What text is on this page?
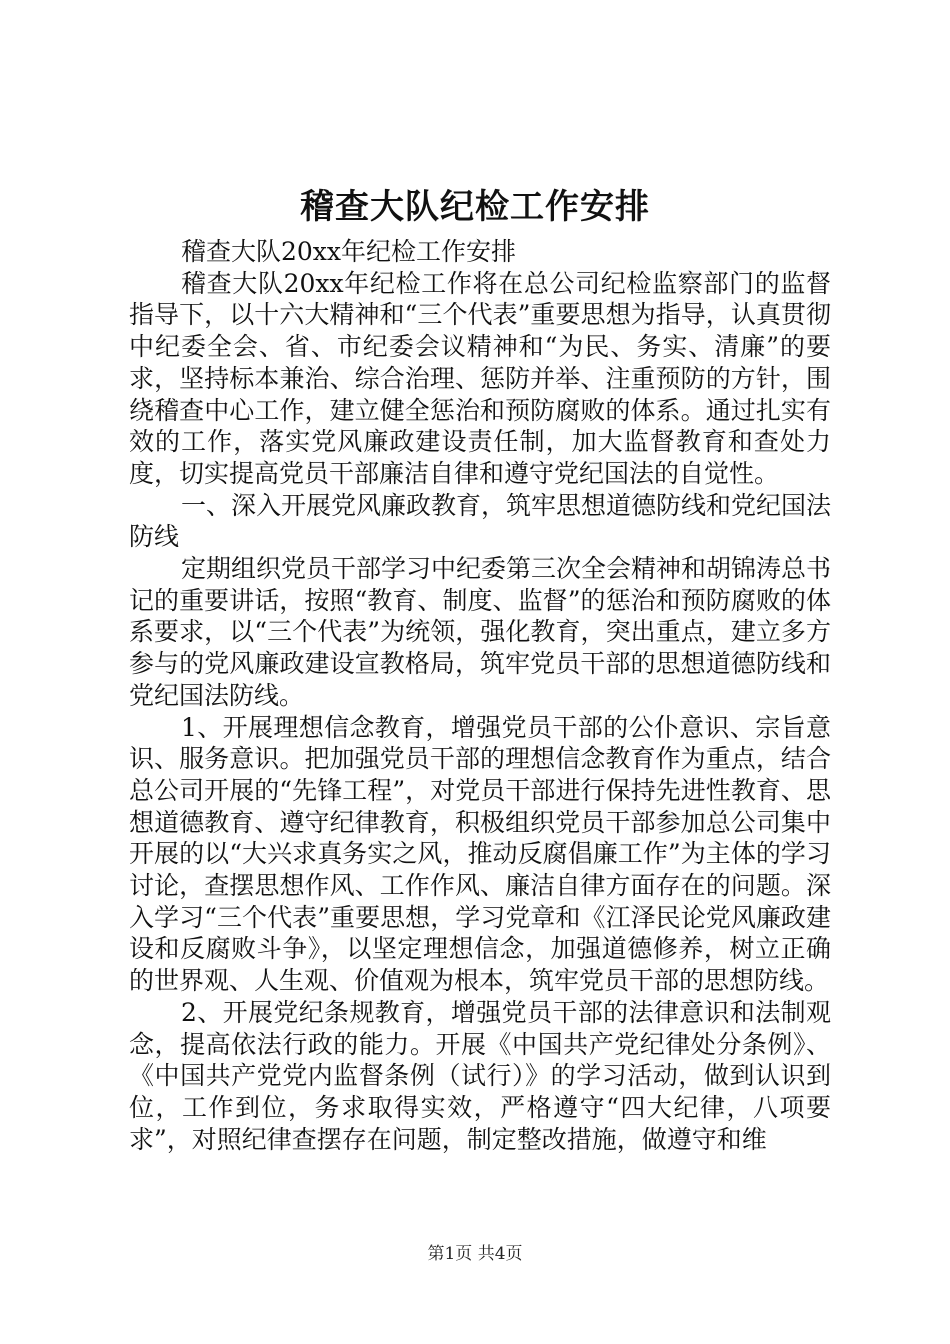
稽查大队纪检工作安排

稽查大队20xx年纪检工作安排

稽查大队20xx年纪检工作将在总公司纪检监察部门的监督指导下，以十六大精神和“三个代表”重要思想为指导，认真贯彻中纪委全会、省、市纪委会议精神和“为民、务实、清廉”的要求，坚持标本兼治、综合治理、惩防并举、注重预防的方针，围绕稽查中心工作，建立健全惩治和预防腐败的体系。通过扎实有效的工作，落实党风廉政建设责任制，加大监督教育和查处力度，切实提高党员干部廉洁自律和遵守党纪国法的自觉性。

一、深入开展党风廉政教育，筑牢思想道德防线和党纪国法防线

定期组织党员干部学习中纪委第三次全会精神和胡锦涛总书记的重要讲话，按照“教育、制度、监督”的惩治和预防腐败的体系要求，以“三个代表”为统领，强化教育，突出重点，建立多方参与的党风廉政建设宣教格局，筑牢党员干部的思想道德防线和党纪国法防线。

1、开展理想信念教育，增强党员干部的公仆意识、宗旨意识、服务意识。把加强党员干部的理想信念教育作为重点，结合总公司开展的“先锋工程”，对党员干部进行保持先进性教育、思想道德教育、遵守纪律教育，积极组织党员干部参加总公司集中开展的以“大兴求真务实之风，推动反腐倡廉工作”为主体的学习讨论，查摆思想作风、工作作风、廉洁自律方面存在的问题。深入学习“三个代表”重要思想，学习党章和《江泽民论党风廉政建设和反腐败斗争》，以坚定理想信念，加强道德修养，树立正确的世界观、人生观、价值观为根本，筑牢党员干部的思想防线。

2、开展党纪条规教育，增强党员干部的法律意识和法制观念，提高依法行政的能力。开展《中国共产党纪律处分条例》、《中国共产党党内监督条例（试行）》的学习活动，做到认识到位，工作到位，务求取得实效，严格遵守“四大纪律，八项要求”，对照纪律查摆存在问题，制定整改措施，做遵守和维

第1页 共4页
